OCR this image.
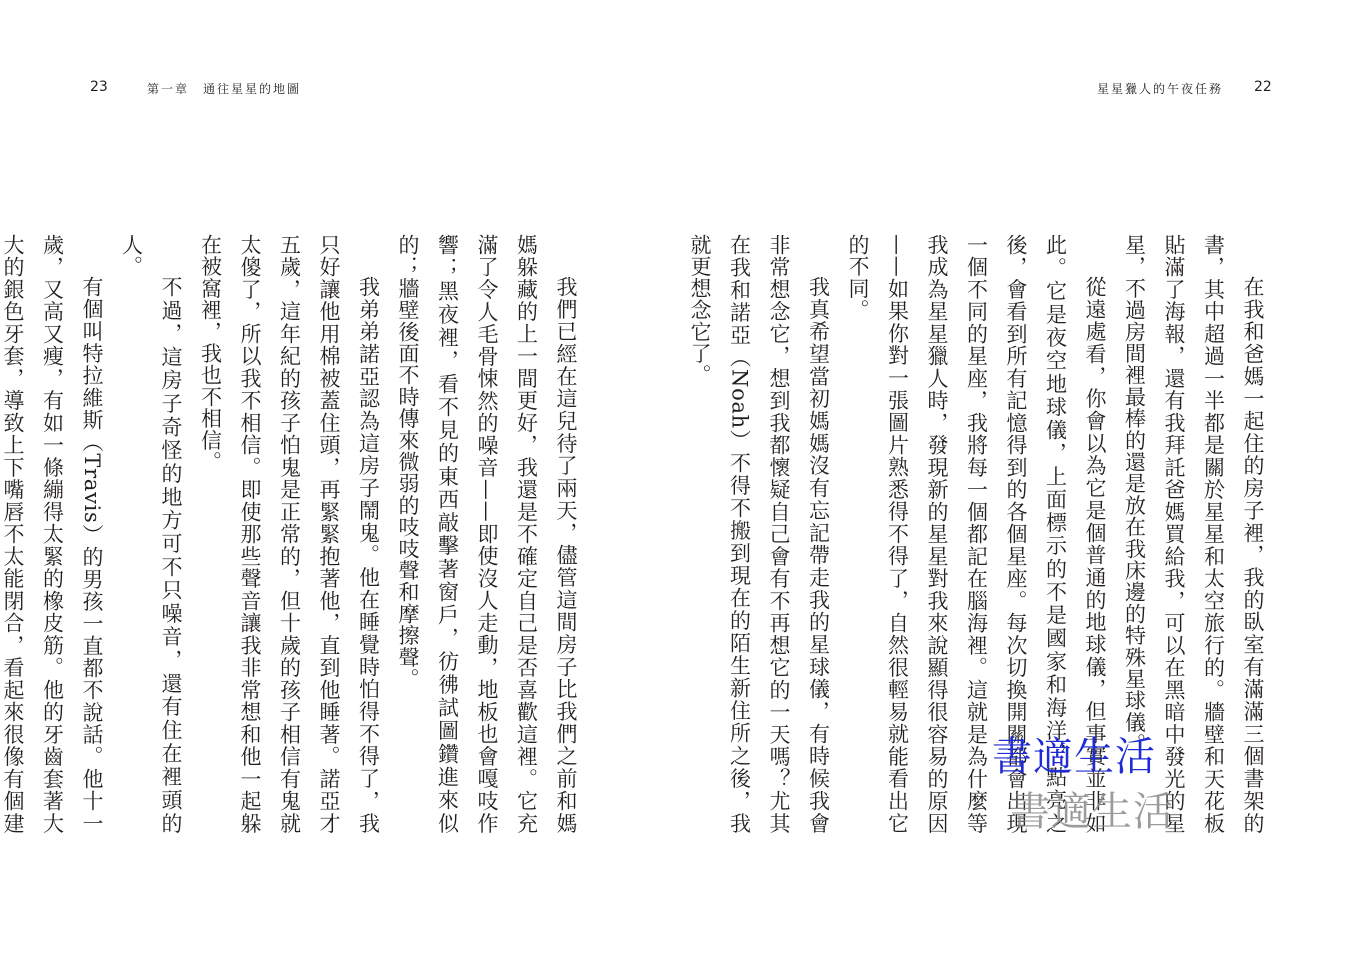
23	第一章　通往星星的地圖	星星獵人的午夜任務 22

在我和爸媽一起住的房子裡，我的臥室有滿滿三個書架的書，其中超過一半都是關於星星和太空旅行的。牆壁和天花板貼滿了海報，還有我拜託爸媽買給我，可以在黑暗中發光的星星，不過房間裡最棒的還是放在我床邊的特殊星球儀。

從遠處看，你會以為它是個普通的地球儀，但事實並非如此。它是夜空地球儀，上面標示的不是國家和海洋，點亮之後，會看到所有記憶得到的各個星座。每次切換開關都會出現一個不同的星座，我將每一個都記在腦海裡。這就是為什麼等我成為星星獵人時，發現新的星星對我來說顯得很容易的原因——如果你對一張圖片熟悉得不得了，自然很輕易就能看出它的不同。

我真希望當初媽媽沒有忘記帶走我的星球儀，有時候我會非常想念它，想到我都懷疑自己會有不再想它的一天嗎？尤其在我和諾亞（Noah）不得不搬到現在的陌生新住所之後，我就更想念它了。

我們已經在這兒待了兩天，儘管這間房子比我們之前和媽媽躲藏的上一間更好，我還是不確定自己是否喜歡這裡。它充滿了令人毛骨悚然的噪音——即使沒人走動，地板也會嘎吱作響；黑夜裡，看不見的東西敲擊著窗戶，彷彿試圖鑽進來似的；牆壁後面不時傳來微弱的吱吱聲和摩擦聲。

我弟弟諾亞認為這房子鬧鬼。他在睡覺時怕得不得了，我只好讓他用棉被蓋住頭，再緊緊抱著他，直到他睡著。諾亞才五歲，這年紀的孩子怕鬼是正常的，但十歲的孩子相信有鬼就太傻了，所以我不相信。即使那些聲音讓我非常想和他一起躲在被窩裡，我也不相信。

不過，這房子奇怪的地方可不只噪音，還有住在裡頭的人。

有個叫特拉維斯（Travis）的男孩一直都不說話。他十一歲，又高又瘦，有如一條繃得太緊的橡皮筋。他的牙齒套著大大的銀色牙套，導致上下嘴唇不太能閉合，看起來很像有個建

書適生活
書適生活
